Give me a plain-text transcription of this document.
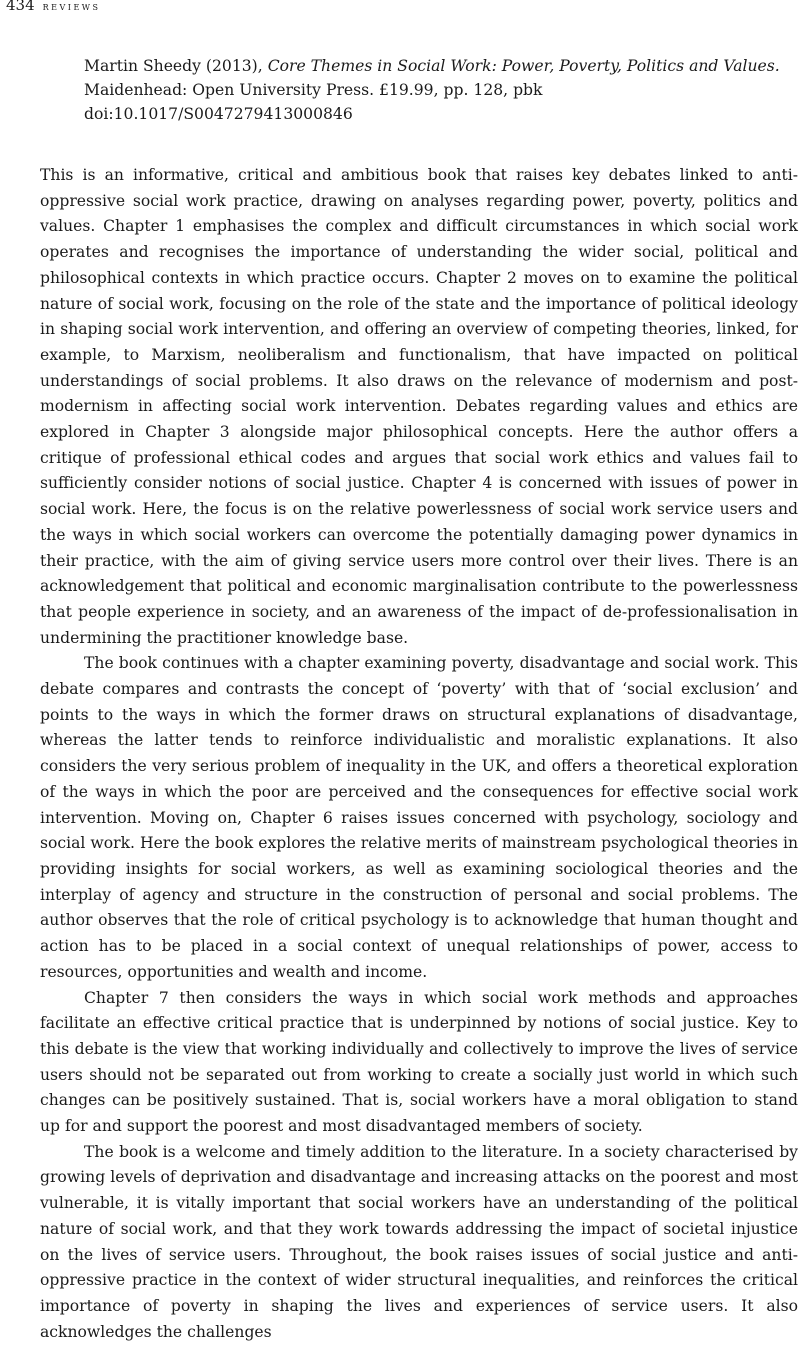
434 reviews
Martin Sheedy (2013), Core Themes in Social Work: Power, Poverty, Politics and Values.
Maidenhead: Open University Press. £19.99, pp. 128, pbk
doi:10.1017/S0047279413000846

This is an informative, critical and ambitious book that raises key debates linked to anti-oppressive social work practice, drawing on analyses regarding power, poverty, politics and values. Chapter 1 emphasises the complex and difficult circumstances in which social work operates and recognises the importance of understanding the wider social, political and philosophical contexts in which practice occurs. Chapter 2 moves on to examine the political nature of social work, focusing on the role of the state and the importance of political ideology in shaping social work intervention, and offering an overview of competing theories, linked, for example, to Marxism, neoliberalism and functionalism, that have impacted on political understandings of social problems. It also draws on the relevance of modernism and post-modernism in affecting social work intervention. Debates regarding values and ethics are explored in Chapter 3 alongside major philosophical concepts. Here the author offers a critique of professional ethical codes and argues that social work ethics and values fail to sufficiently consider notions of social justice. Chapter 4 is concerned with issues of power in social work. Here, the focus is on the relative powerlessness of social work service users and the ways in which social workers can overcome the potentially damaging power dynamics in their practice, with the aim of giving service users more control over their lives. There is an acknowledgement that political and economic marginalisation contribute to the powerlessness that people experience in society, and an awareness of the impact of de-professionalisation in undermining the practitioner knowledge base.

The book continues with a chapter examining poverty, disadvantage and social work. This debate compares and contrasts the concept of ‘poverty’ with that of ‘social exclusion’ and points to the ways in which the former draws on structural explanations of disadvantage, whereas the latter tends to reinforce individualistic and moralistic explanations. It also considers the very serious problem of inequality in the UK, and offers a theoretical exploration of the ways in which the poor are perceived and the consequences for effective social work intervention. Moving on, Chapter 6 raises issues concerned with psychology, sociology and social work. Here the book explores the relative merits of mainstream psychological theories in providing insights for social workers, as well as examining sociological theories and the interplay of agency and structure in the construction of personal and social problems. The author observes that the role of critical psychology is to acknowledge that human thought and action has to be placed in a social context of unequal relationships of power, access to resources, opportunities and wealth and income.

Chapter 7 then considers the ways in which social work methods and approaches facilitate an effective critical practice that is underpinned by notions of social justice. Key to this debate is the view that working individually and collectively to improve the lives of service users should not be separated out from working to create a socially just world in which such changes can be positively sustained. That is, social workers have a moral obligation to stand up for and support the poorest and most disadvantaged members of society.

The book is a welcome and timely addition to the literature. In a society characterised by growing levels of deprivation and disadvantage and increasing attacks on the poorest and most vulnerable, it is vitally important that social workers have an understanding of the political nature of social work, and that they work towards addressing the impact of societal injustice on the lives of service users. Throughout, the book raises issues of social justice and anti-oppressive practice in the context of wider structural inequalities, and reinforces the critical importance of poverty in shaping the lives and experiences of service users. It also acknowledges the challenges
